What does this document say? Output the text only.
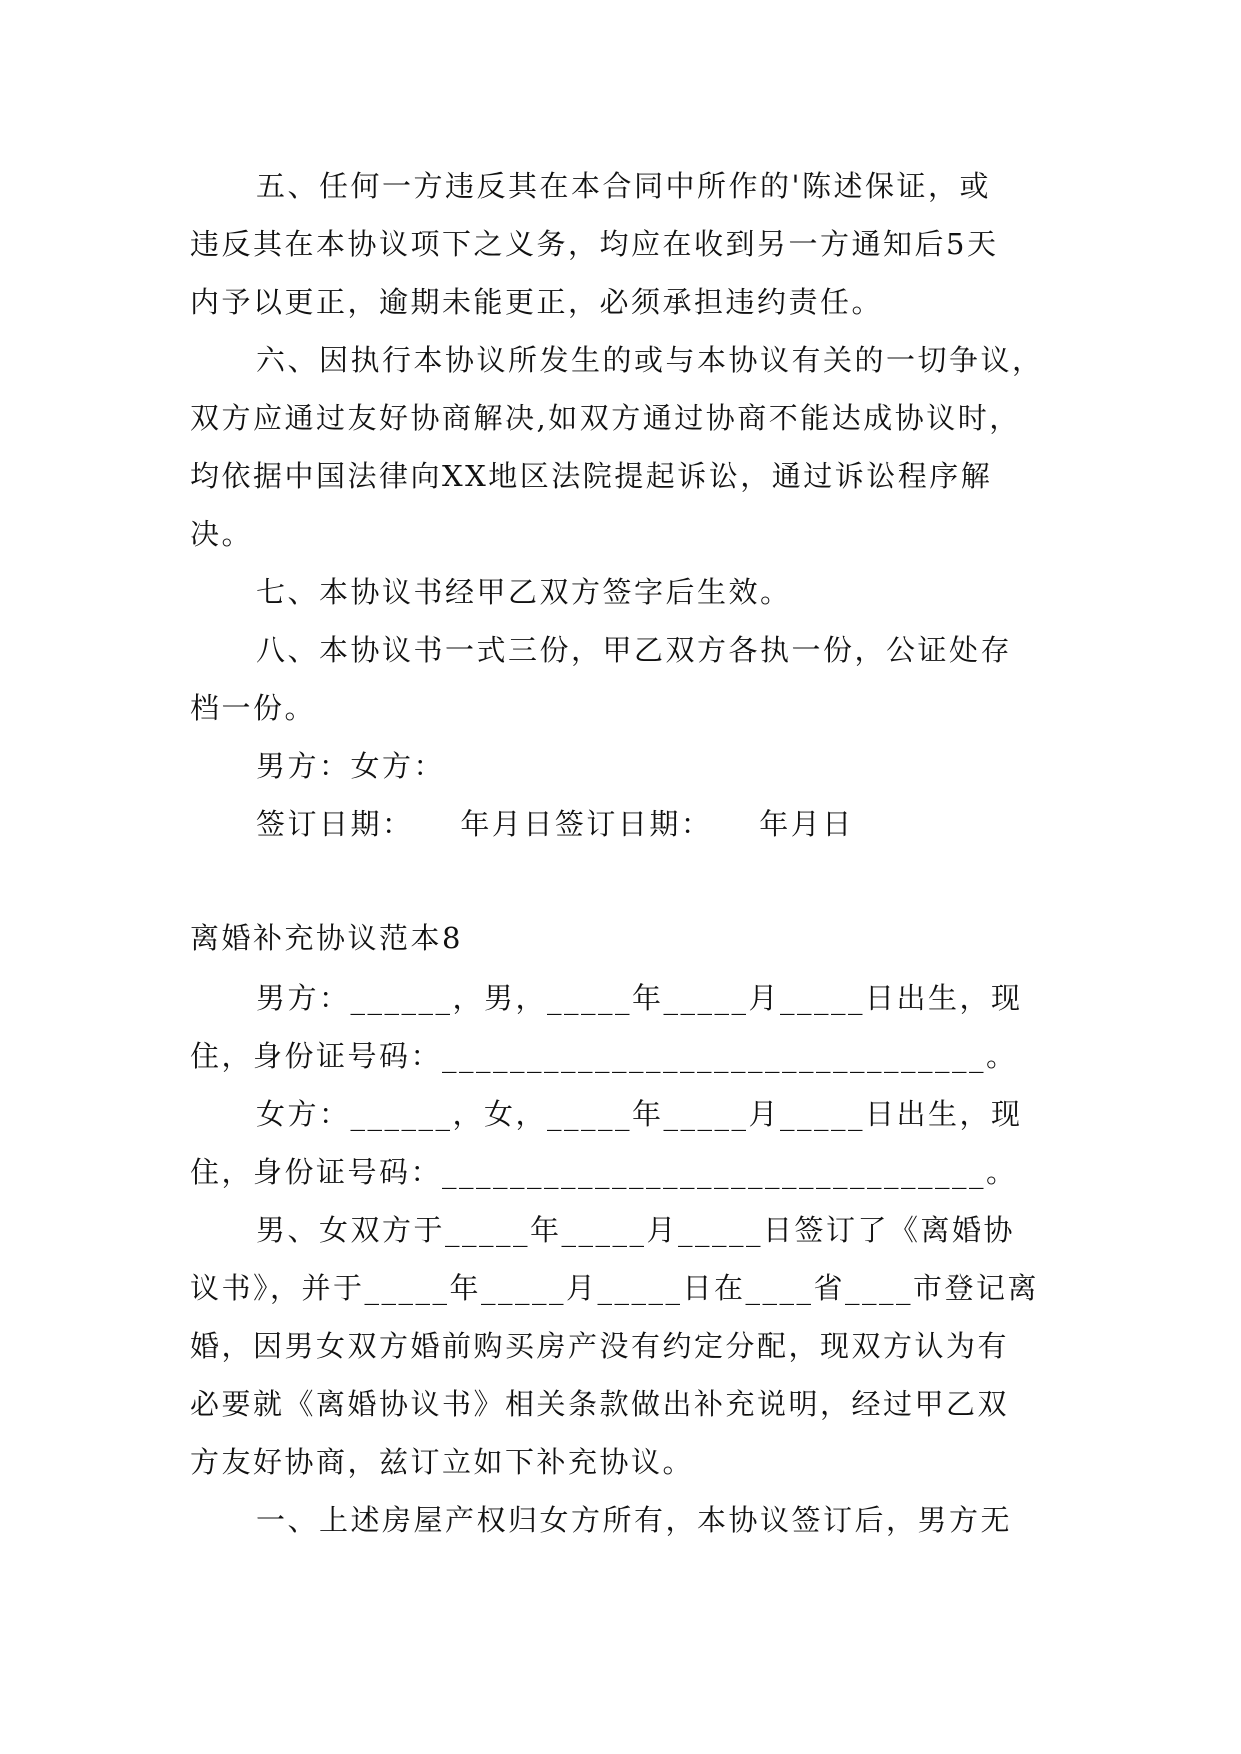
五、任何一方违反其在本合同中所作的'陈述保证，或
违反其在本协议项下之义务，均应在收到另一方通知后5天
内予以更正，逾期未能更正，必须承担违约责任。
六、因执行本协议所发生的或与本协议有关的一切争议，
双方应通过友好协商解决,如双方通过协商不能达成协议时，
均依据中国法律向XX地区法院提起诉讼，通过诉讼程序解
决。
七、本协议书经甲乙双方签字后生效。
八、本协议书一式三份，甲乙双方各执一份，公证处存
档一份。
男方：女方：
签订日期：    年月日签订日期：    年月日
离婚补充协议范本8
男方：______，男，_____年_____月_____日出生，现
住，身份证号码：________________________________。
女方：______，女，_____年_____月_____日出生，现
住，身份证号码：________________________________。
男、女双方于_____年_____月_____日签订了《离婚协
议书》，并于_____年_____月_____日在____省____市登记离
婚，因男女双方婚前购买房产没有约定分配，现双方认为有
必要就《离婚协议书》相关条款做出补充说明，经过甲乙双
方友好协商，兹订立如下补充协议。
一、上述房屋产权归女方所有，本协议签订后，男方无
